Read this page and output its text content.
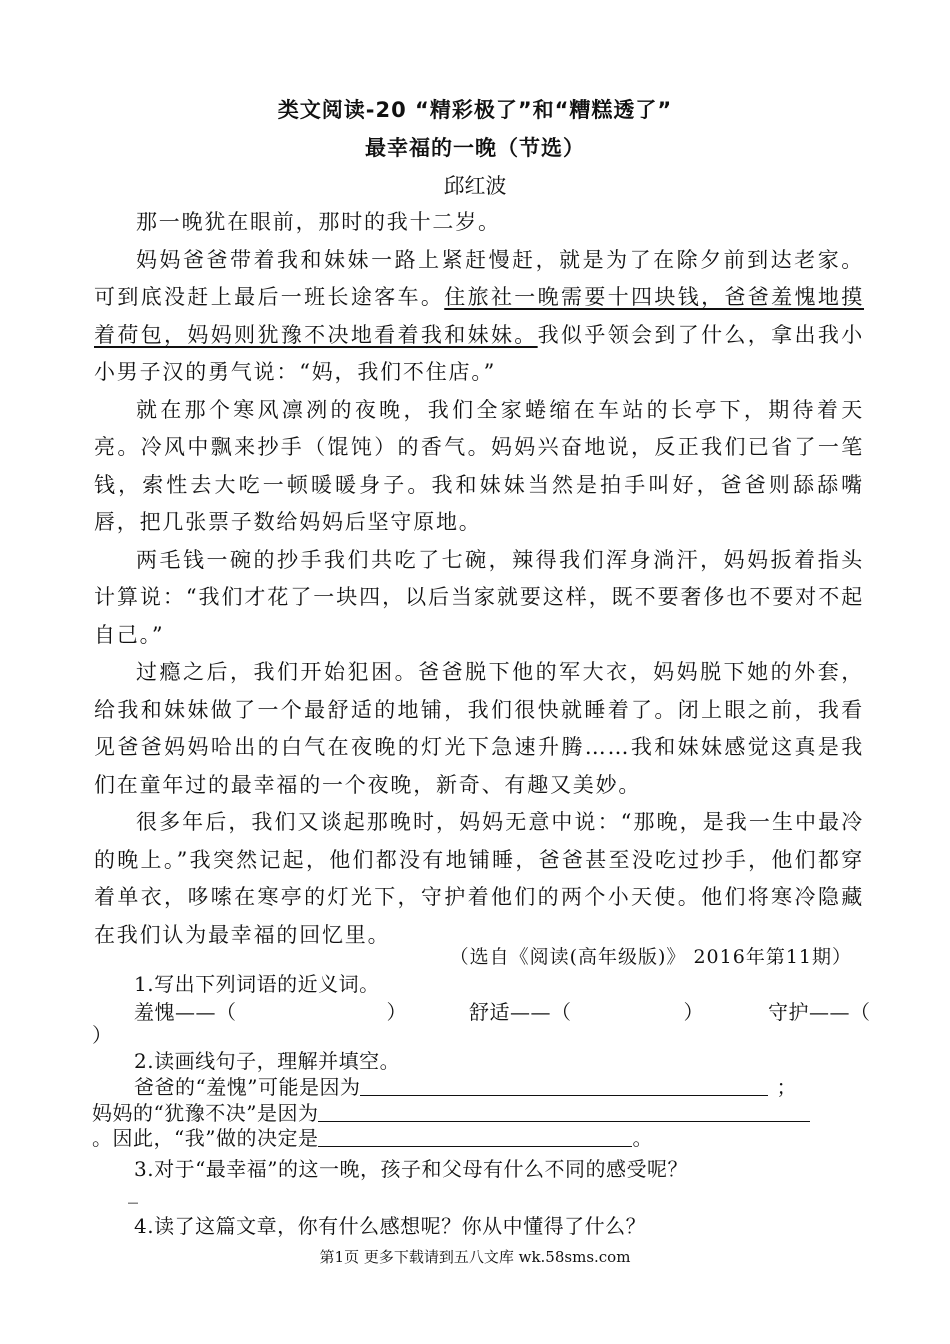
类文阅读-20 “精彩极了”和“糟糕透了”
最幸福的一晚（节选）
邱红波

那一晚犹在眼前，那时的我十二岁。

妈妈爸爸带着我和妹妹一路上紧赶慢赶，就是为了在除夕前到达老家。可到底没赶上最后一班长途客车。住旅社一晚需要十四块钱，爸爸羞愧地摸着荷包，妈妈则犹豫不决地看着我和妹妹。我似乎领会到了什么，拿出我小小男子汉的勇气说：“妈，我们不住店。”

就在那个寒风凛冽的夜晚，我们全家蜷缩在车站的长亭下，期待着天亮。冷风中飘来抄手（馄饨）的香气。妈妈兴奋地说，反正我们已省了一笔钱，索性去大吃一顿暖暖身子。我和妹妹当然是拍手叫好，爸爸则舔舔嘴唇，把几张票子数给妈妈后坚守原地。

两毛钱一碗的抄手我们共吃了七碗，辣得我们浑身淌汗，妈妈扳着指头计算说：“我们才花了一块四，以后当家就要这样，既不要奢侈也不要对不起自己。”

过瘾之后，我们开始犯困。爸爸脱下他的军大衣，妈妈脱下她的外套，给我和妹妹做了一个最舒适的地铺，我们很快就睡着了。闭上眼之前，我看见爸爸妈妈哈出的白气在夜晚的灯光下急速升腾……我和妹妹感觉这真是我们在童年过的最幸福的一个夜晚，新奇、有趣又美妙。

很多年后，我们又谈起那晚时，妈妈无意中说：“那晚，是我一生中最冷的晚上。”我突然记起，他们都没有地铺睡，爸爸甚至没吃过抄手，他们都穿着单衣，哆嗦在寒亭的灯光下，守护着他们的两个小天使。他们将寒冷隐藏在我们认为最幸福的回忆里。

（选自《阅读(高年级版)》 2016年第11期）
1.写出下列词语的近义词。
羞愧——（	）	舒适——（	）	守护——（
）
2.读画线句子，理解并填空。
爸爸的“羞愧”可能是因为	；
妈妈的“犹豫不决”是因为
。因此，“我”做的决定是	。
3.对于“最幸福”的这一晚，孩子和父母有什么不同的感受呢？
_
4.读了这篇文章，你有什么感想呢？你从中懂得了什么？
第1页 更多下载请到五八文库 wk.58sms.com
